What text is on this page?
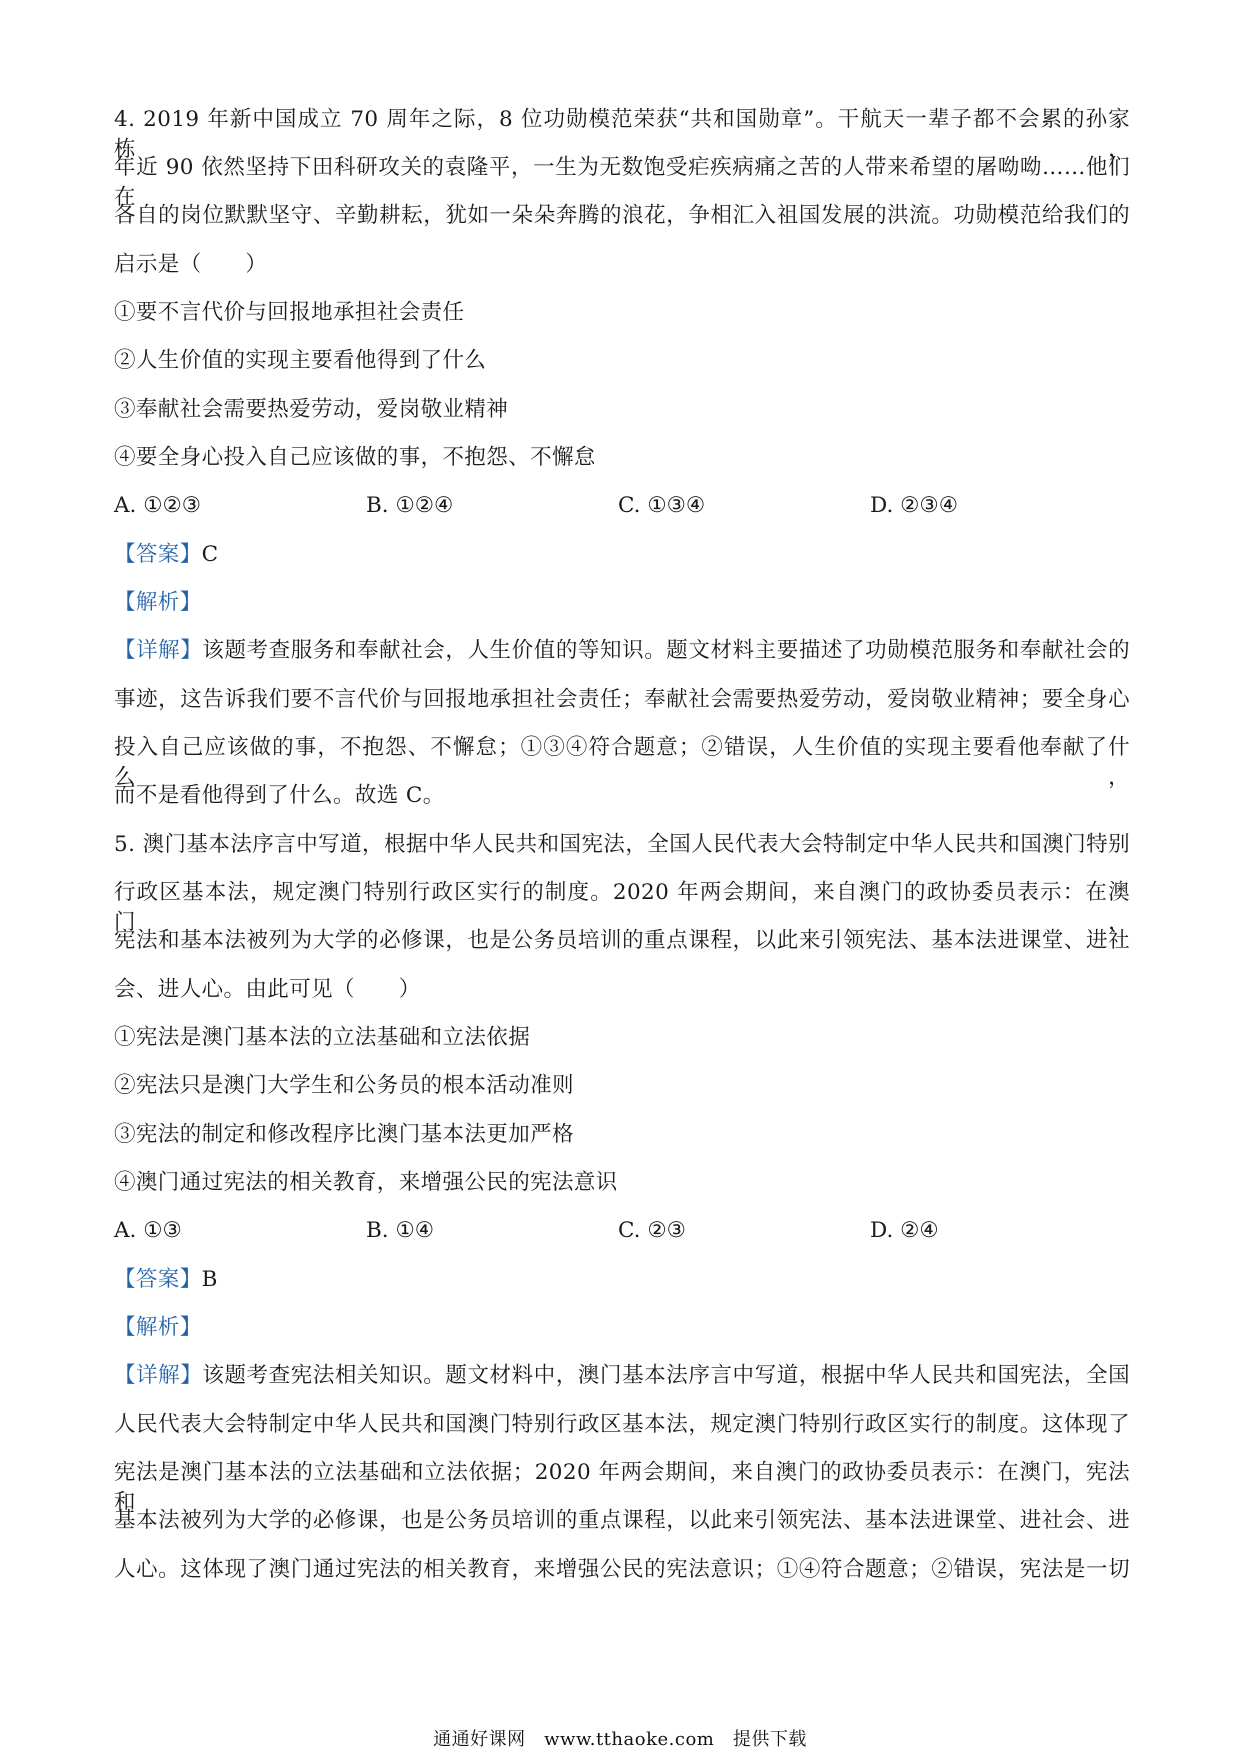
4. 2019 年新中国成立 70 周年之际，8 位功勋模范荣获“共和国勋章”。干航天一辈子都不会累的孙家栋，
年近 90 依然坚持下田科研攻关的袁隆平，一生为无数饱受疟疾病痛之苦的人带来希望的屠呦呦……他们在
各自的岗位默默坚守、辛勤耕耘，犹如一朵朵奔腾的浪花，争相汇入祖国发展的洪流。功勋模范给我们的
启示是（　　）
①要不言代价与回报地承担社会责任
②人生价值的实现主要看他得到了什么
③奉献社会需要热爱劳动，爱岗敬业精神
④要全身心投入自己应该做的事，不抱怨、不懈怠
A. ①②③	B. ①②④	C. ①③④	D. ②③④
【答案】C
【解析】
【详解】该题考查服务和奉献社会，人生价值的等知识。题文材料主要描述了功勋模范服务和奉献社会的
事迹，这告诉我们要不言代价与回报地承担社会责任；奉献社会需要热爱劳动，爱岗敬业精神；要全身心
投入自己应该做的事，不抱怨、不懈怠；①③④符合题意；②错误，人生价值的实现主要看他奉献了什么，
而不是看他得到了什么。故选 C。
5. 澳门基本法序言中写道，根据中华人民共和国宪法，全国人民代表大会特制定中华人民共和国澳门特别
行政区基本法，规定澳门特别行政区实行的制度。2020 年两会期间，来自澳门的政协委员表示：在澳门，
宪法和基本法被列为大学的必修课，也是公务员培训的重点课程，以此来引领宪法、基本法进课堂、进社
会、进人心。由此可见（　　）
①宪法是澳门基本法的立法基础和立法依据
②宪法只是澳门大学生和公务员的根本活动准则
③宪法的制定和修改程序比澳门基本法更加严格
④澳门通过宪法的相关教育，来增强公民的宪法意识
A. ①③	B. ①④	C. ②③	D. ②④
【答案】B
【解析】
【详解】该题考查宪法相关知识。题文材料中，澳门基本法序言中写道，根据中华人民共和国宪法，全国
人民代表大会特制定中华人民共和国澳门特别行政区基本法，规定澳门特别行政区实行的制度。这体现了
宪法是澳门基本法的立法基础和立法依据；2020 年两会期间，来自澳门的政协委员表示：在澳门，宪法和
基本法被列为大学的必修课，也是公务员培训的重点课程，以此来引领宪法、基本法进课堂、进社会、进
人心。这体现了澳门通过宪法的相关教育，来增强公民的宪法意识；①④符合题意；②错误，宪法是一切
通通好课网　www.tthaoke.com　提供下载
